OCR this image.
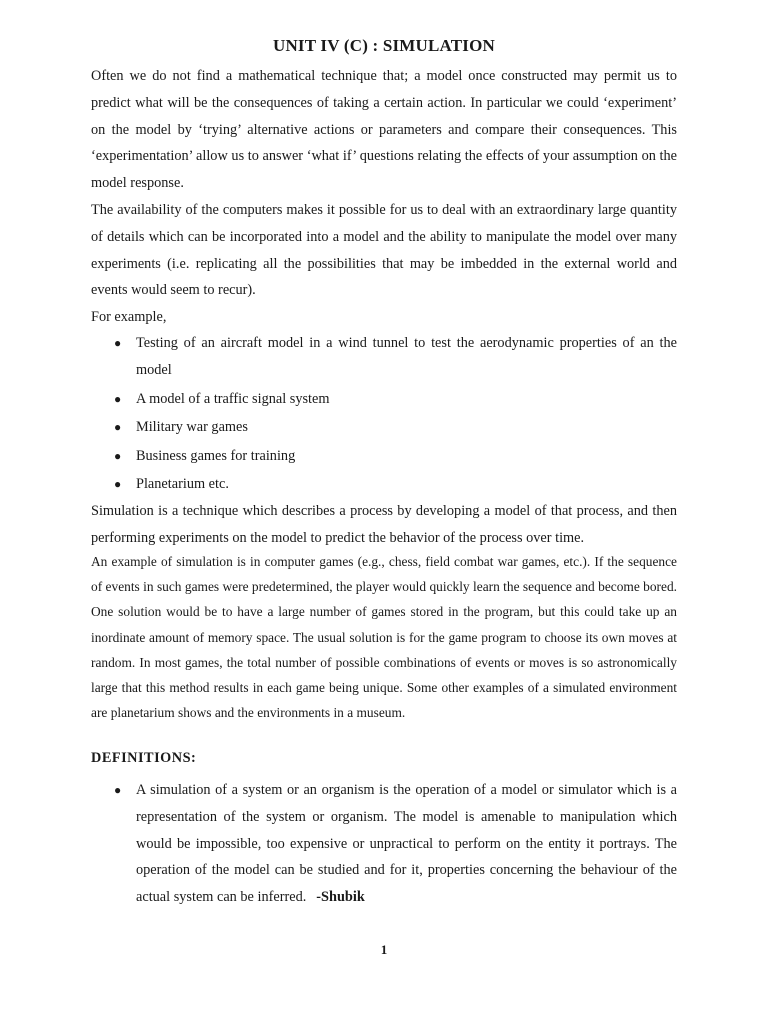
UNIT IV (C) : SIMULATION

Often we do not find a mathematical technique that; a model once constructed may permit us to predict what will be the consequences of taking a certain action. In particular we could ‘experiment’ on the model by ‘trying’ alternative actions or parameters and compare their consequences. This ‘experimentation’ allow us to answer ‘what if’ questions relating the effects of your assumption on the model response.

The availability of the computers makes it possible for us to deal with an extraordinary large quantity of details which can be incorporated into a model and the ability to manipulate the model over many experiments (i.e. replicating all the possibilities that may be imbedded in the external world and events would seem to recur).

For example,

● Testing of an aircraft model in a wind tunnel to test the aerodynamic properties of an the model
● A model of a traffic signal system
● Military war games
● Business games for training
● Planetarium etc.

Simulation is a technique which describes a process by developing a model of that process, and then performing experiments on the model to predict the behavior of the process over time.

An example of simulation is in computer games (e.g., chess, field combat war games, etc.). If the sequence of events in such games were predetermined, the player would quickly learn the sequence and become bored. One solution would be to have a large number of games stored in the program, but this could take up an inordinate amount of memory space. The usual solution is for the game program to choose its own moves at random. In most games, the total number of possible combinations of events or moves is so astronomically large that this method results in each game being unique. Some other examples of a simulated environment are planetarium shows and the environments in a museum.

DEFINITIONS:
● A simulation of a system or an organism is the operation of a model or simulator which is a representation of the system or organism. The model is amenable to manipulation which would be impossible, too expensive or unpractical to perform on the entity it portrays. The operation of the model can be studied and for it, properties concerning the behaviour of the actual system can be inferred. -Shubik
1
